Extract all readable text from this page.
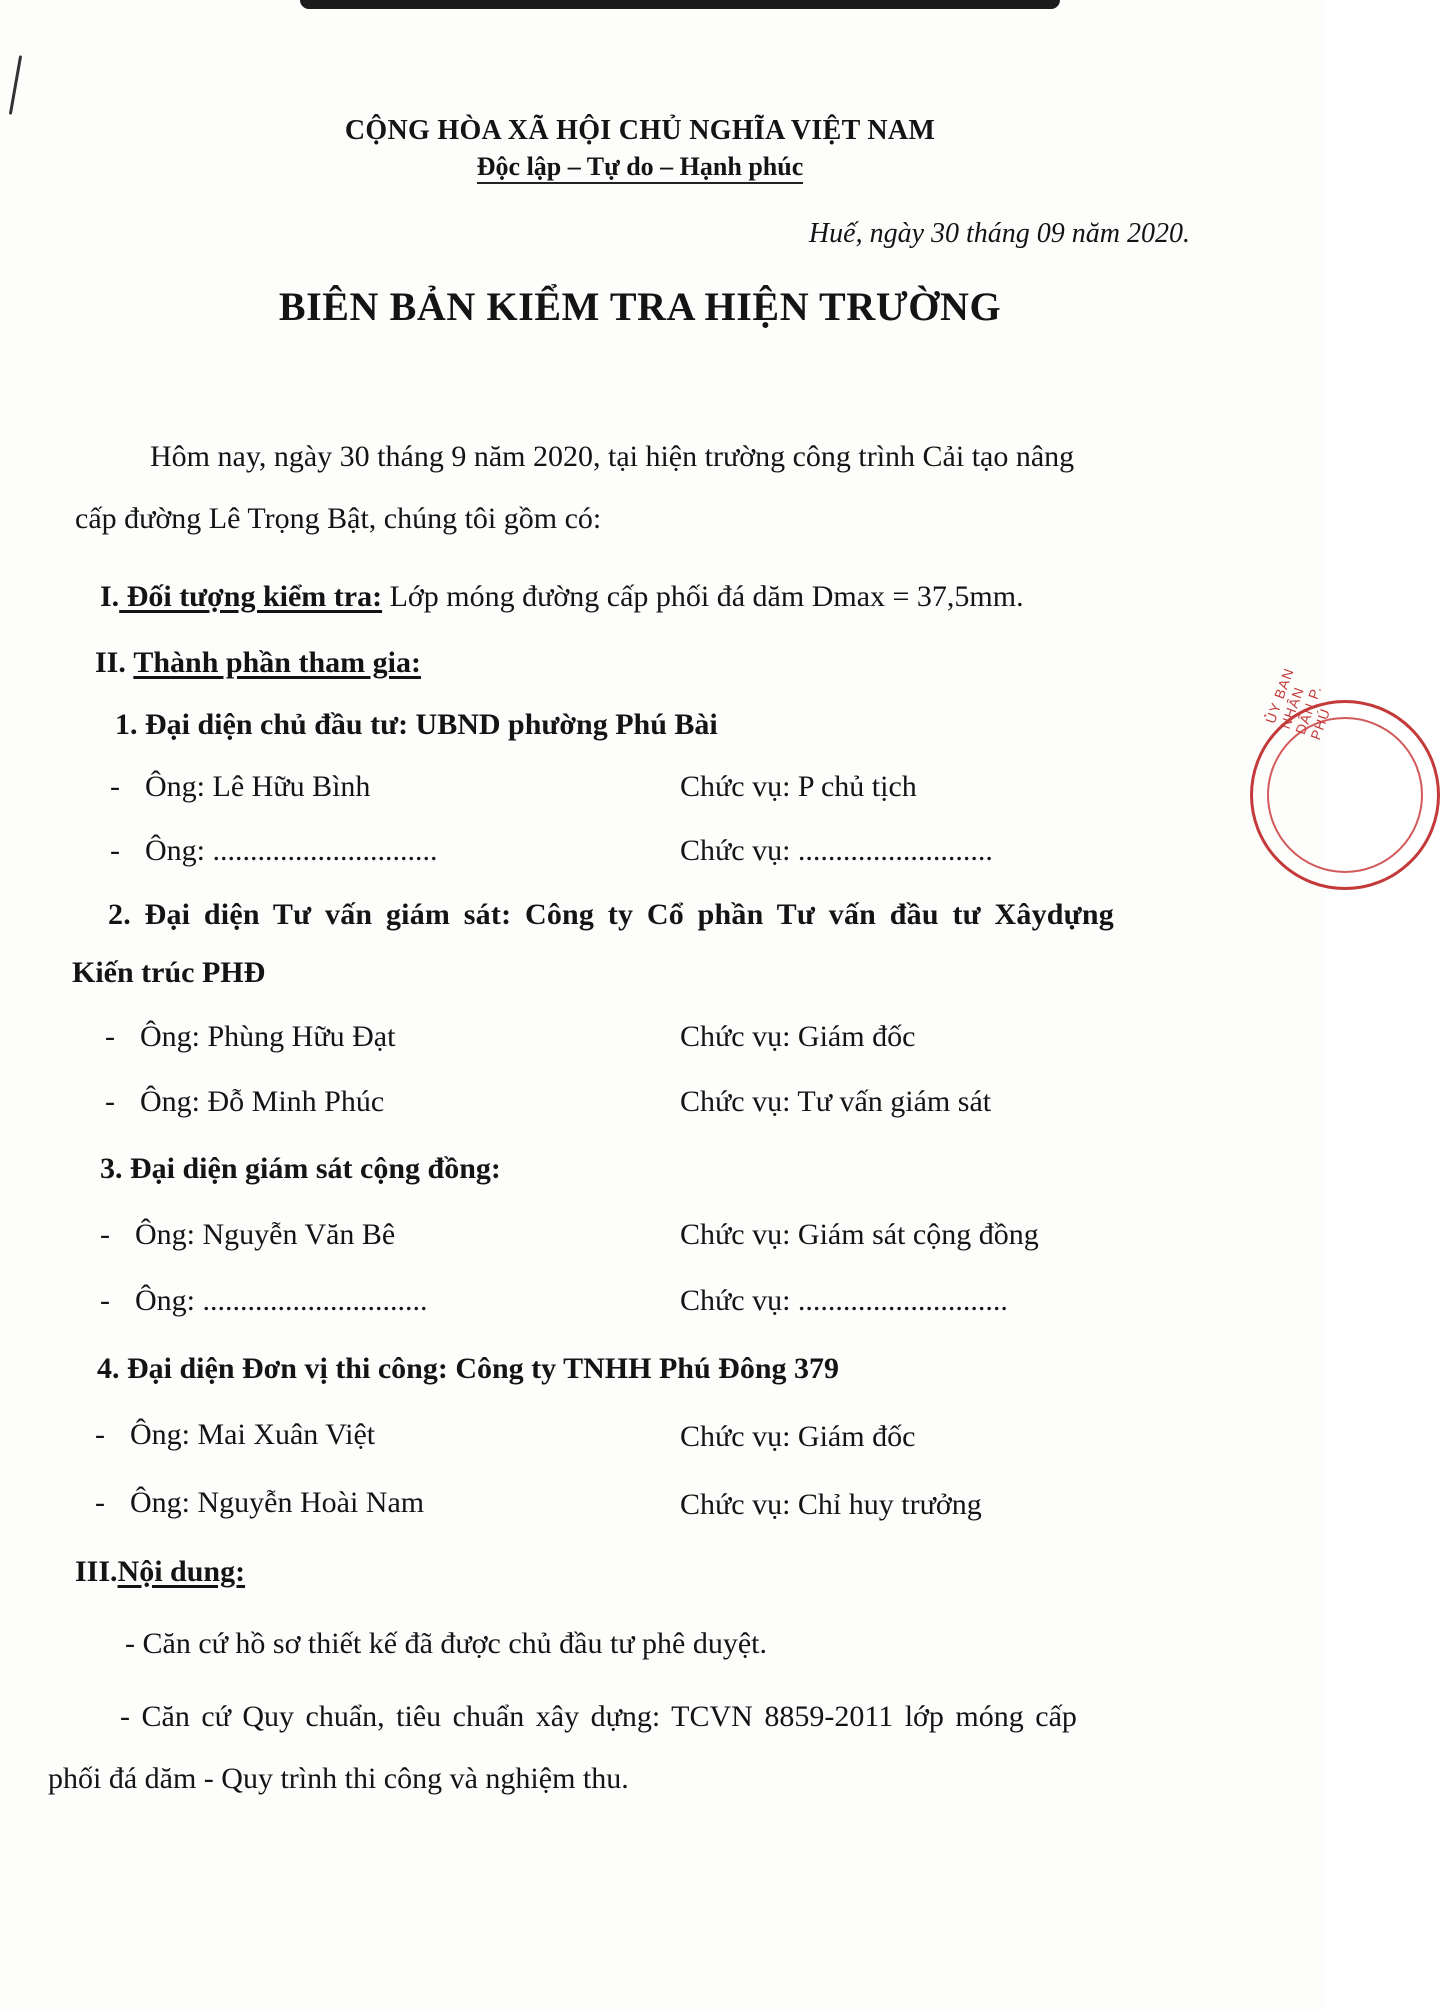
CỘNG HÒA XÃ HỘI CHỦ NGHĨA VIỆT NAM
Độc lập – Tự do – Hạnh phúc
Huế, ngày 30 tháng 09 năm 2020.
BIÊN BẢN KIỂM TRA HIỆN TRƯỜNG
Hôm nay, ngày 30 tháng 9 năm 2020, tại hiện trường công trình Cải tạo nâng
cấp đường Lê Trọng Bật, chúng tôi gồm có:
I. Đối tượng kiểm tra: Lớp móng đường cấp phối đá dăm Dmax = 37,5mm.
II. Thành phần tham gia:
1. Đại diện chủ đầu tư: UBND phường Phú Bài
- Ông: Lê Hữu Bình	Chức vụ: P chủ tịch
- Ông: ..............................	Chức vụ: ..........................
2. Đại diện Tư vấn giám sát: Công ty Cổ phần Tư vấn đầu tư Xâydựng
Kiến trúc PHĐ
- Ông: Phùng Hữu Đạt	Chức vụ: Giám đốc
- Ông: Đỗ Minh Phúc	Chức vụ: Tư vấn giám sát
3. Đại diện giám sát cộng đồng:
- Ông: Nguyễn Văn Bê	Chức vụ: Giám sát cộng đồng
- Ông: ..............................	Chức vụ: ............................
4. Đại diện Đơn vị thi công: Công ty TNHH Phú Đông 379
- Ông: Mai Xuân Việt	Chức vụ: Giám đốc
- Ông: Nguyễn Hoài Nam	Chức vụ: Chỉ huy trưởng
III.Nội dung:
- Căn cứ hồ sơ thiết kế đã được chủ đầu tư phê duyệt.
- Căn cứ Quy chuẩn, tiêu chuẩn xây dựng: TCVN 8859-2011 lớp móng cấp
phối đá dăm - Quy trình thi công và nghiệm thu.
ỦY BAN NHÂN DÂN P. PHÚ
